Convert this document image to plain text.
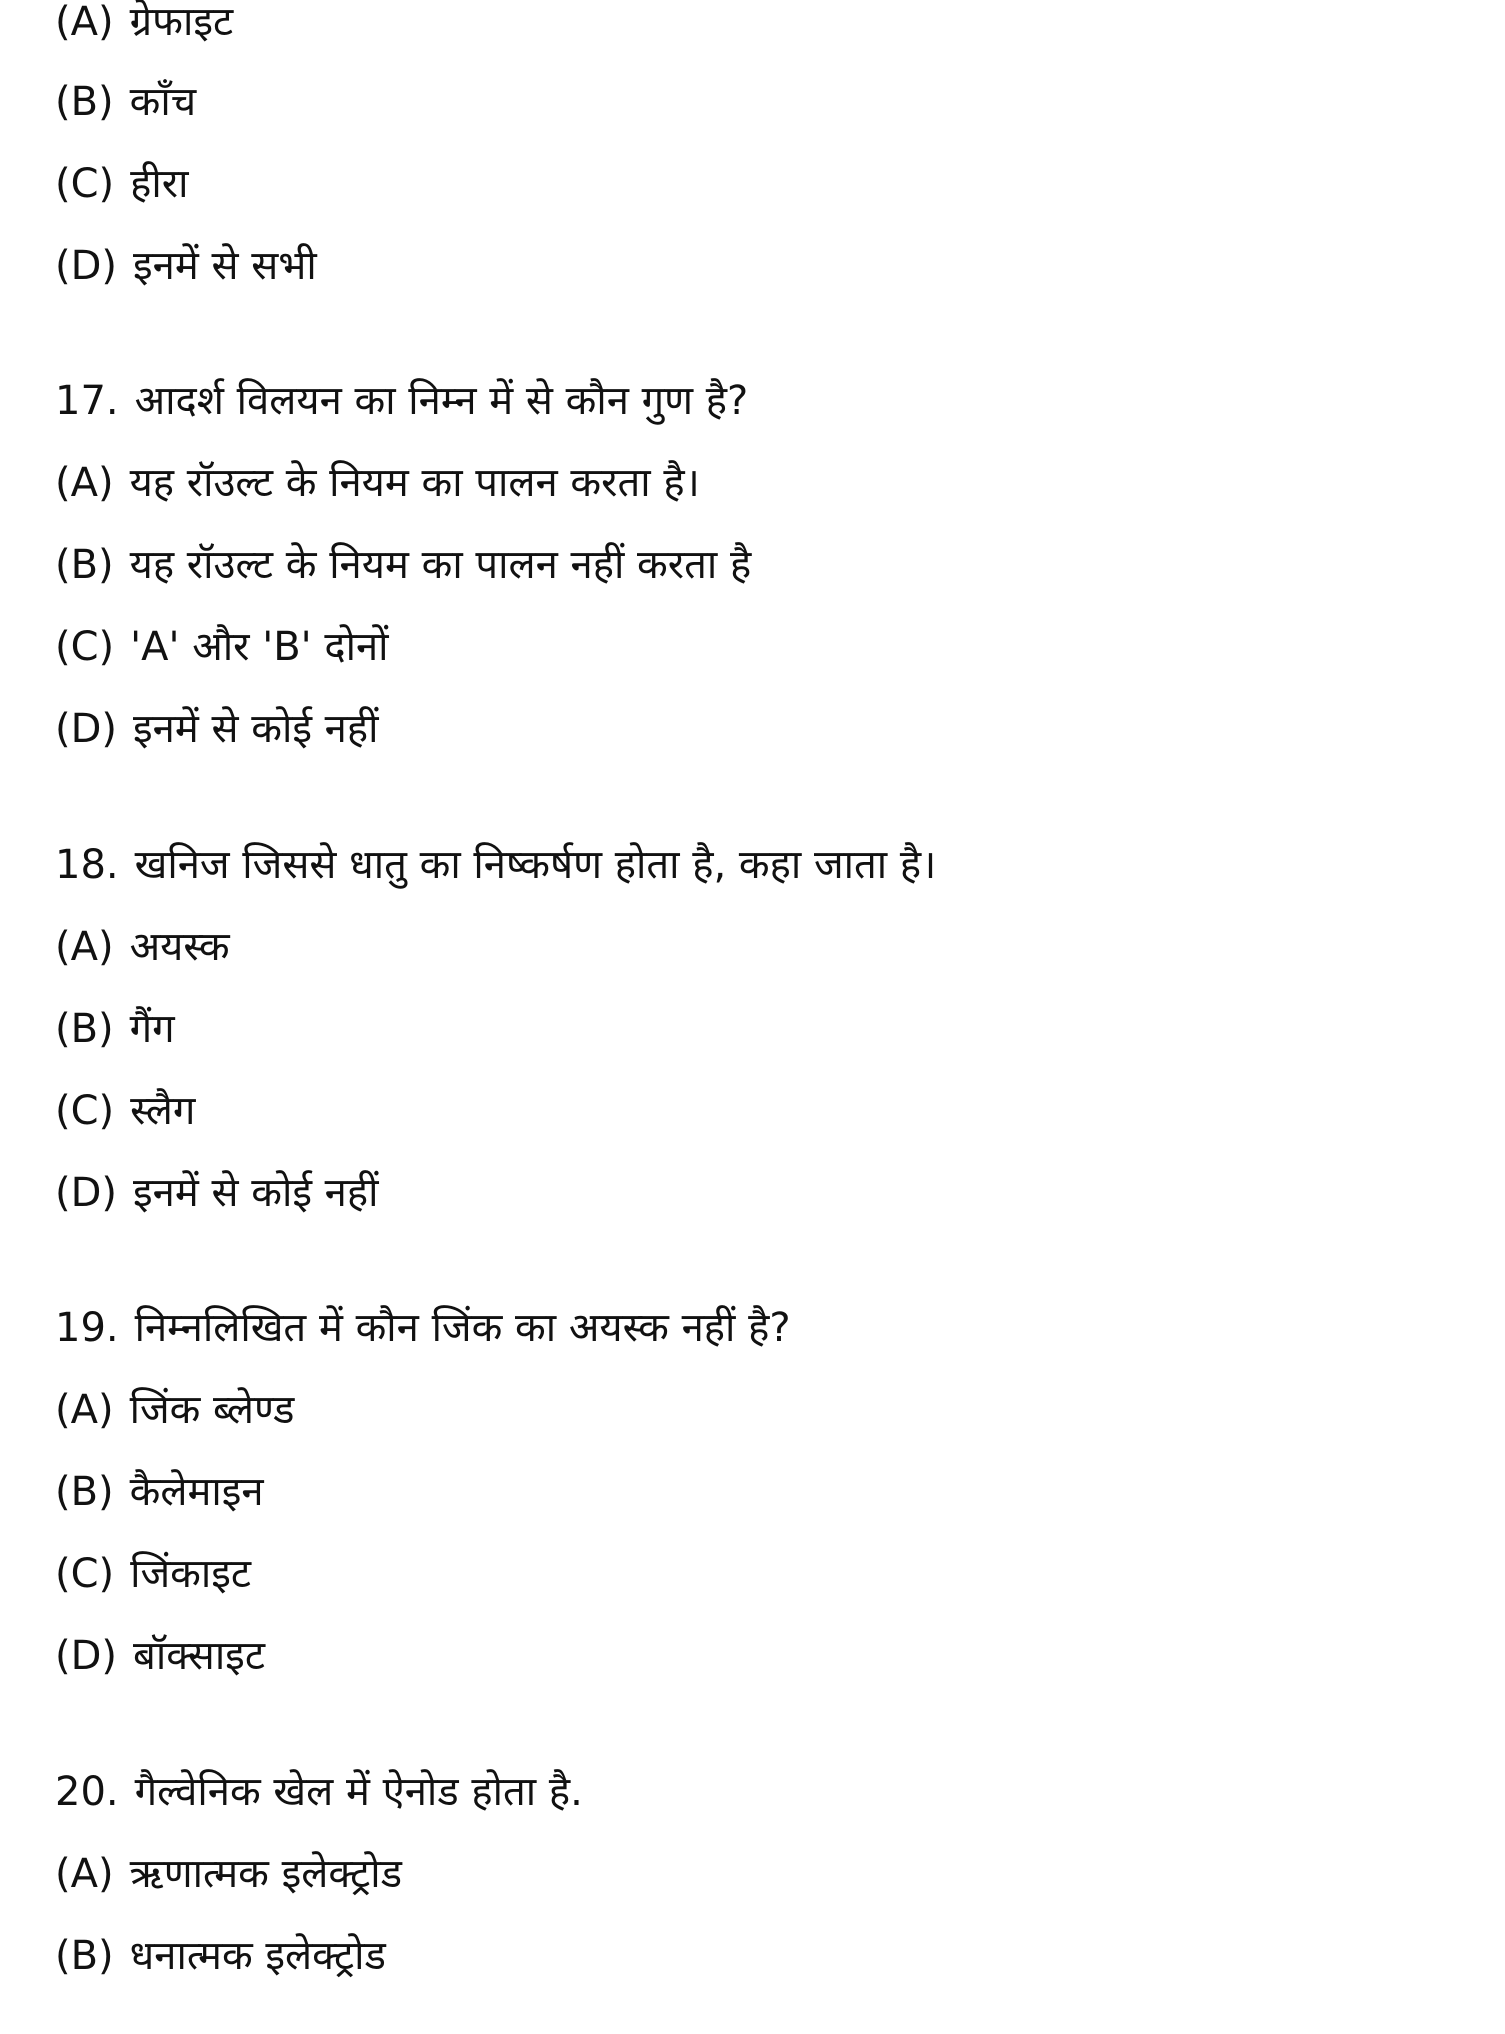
(A) ग्रेफाइट
(B) काँच
(C) हीरा
(D) इनमें से सभी
17. आदर्श विलयन का निम्न में से कौन गुण है?
(A) यह रॉउल्ट के नियम का पालन करता है।
(B) यह रॉउल्ट के नियम का पालन नहीं करता है
(C) 'A' और 'B' दोनों
(D) इनमें से कोई नहीं
18. खनिज जिससे धातु का निष्कर्षण होता है, कहा जाता है।
(A) अयस्क
(B) गैंग
(C) स्लैग
(D) इनमें से कोई नहीं
19. निम्नलिखित में कौन जिंक का अयस्क नहीं है?
(A) जिंक ब्लेण्ड
(B) कैलेमाइन
(C) जिंकाइट
(D) बॉक्साइट
20. गैल्वेनिक खेल में ऐनोड होता है.
(A) ऋणात्मक इलेक्ट्रोड
(B) धनात्मक इलेक्ट्रोड
